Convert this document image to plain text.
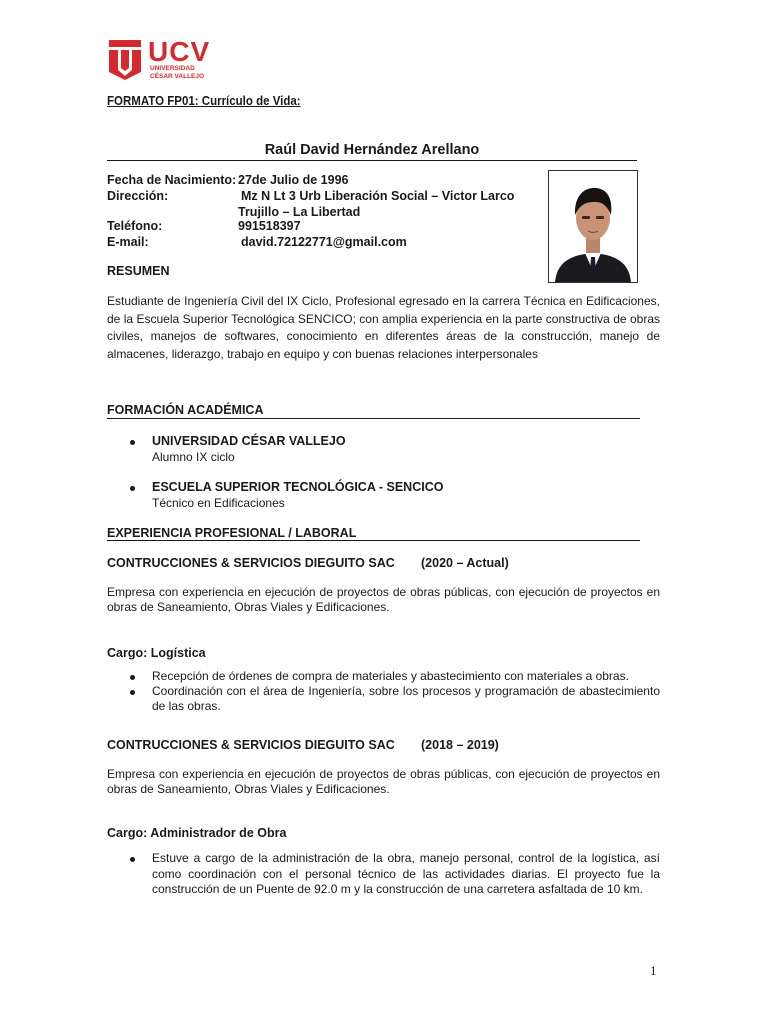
UCV
UNIVERSIDAD
CÉSAR VALLEJO
FORMATO FP01: Currículo de Vida:
Raúl David Hernández Arellano
Fecha de Nacimiento: 27de Julio de 1996
Dirección:	Mz N Lt 3 Urb Liberación Social – Victor Larco
Trujillo – La Libertad
Teléfono:	991518397
E-mail:	david.72122771@gmail.com
RESUMEN
Estudiante de Ingeniería Civil del IX Ciclo, Profesional egresado en la carrera Técnica en Edificaciones, de la Escuela Superior Tecnológica SENCICO; con amplia experiencia en la parte constructiva de obras civiles, manejos de softwares, conocimiento en diferentes áreas de la construcción, manejo de almacenes, liderazgo, trabajo en equipo y con buenas relaciones interpersonales
FORMACIÓN ACADÉMICA
UNIVERSIDAD CÉSAR VALLEJO
Alumno IX ciclo
ESCUELA SUPERIOR TECNOLÓGICA - SENCICO
Técnico en Edificaciones
EXPERIENCIA PROFESIONAL / LABORAL
CONTRUCCIONES & SERVICIOS DIEGUITO SAC (2020 – Actual)
Empresa con experiencia en ejecución de proyectos de obras públicas, con ejecución de proyectos en obras de Saneamiento, Obras Viales y Edificaciones.
Cargo: Logística
Recepción de órdenes de compra de materiales y abastecimiento con materiales a obras.
Coordinación con el área de Ingeniería, sobre los procesos y programación de abastecimiento de las obras.
CONTRUCCIONES & SERVICIOS DIEGUITO SAC (2018 – 2019)
Empresa con experiencia en ejecución de proyectos de obras públicas, con ejecución de proyectos en obras de Saneamiento, Obras Viales y Edificaciones.
Cargo: Administrador de Obra
Estuve a cargo de la administración de la obra, manejo personal, control de la logística, así como coordinación con el personal técnico de las actividades diarias. El proyecto fue la construcción de un Puente de 92.0 m y la construcción de una carretera asfaltada de 10 km.
1
